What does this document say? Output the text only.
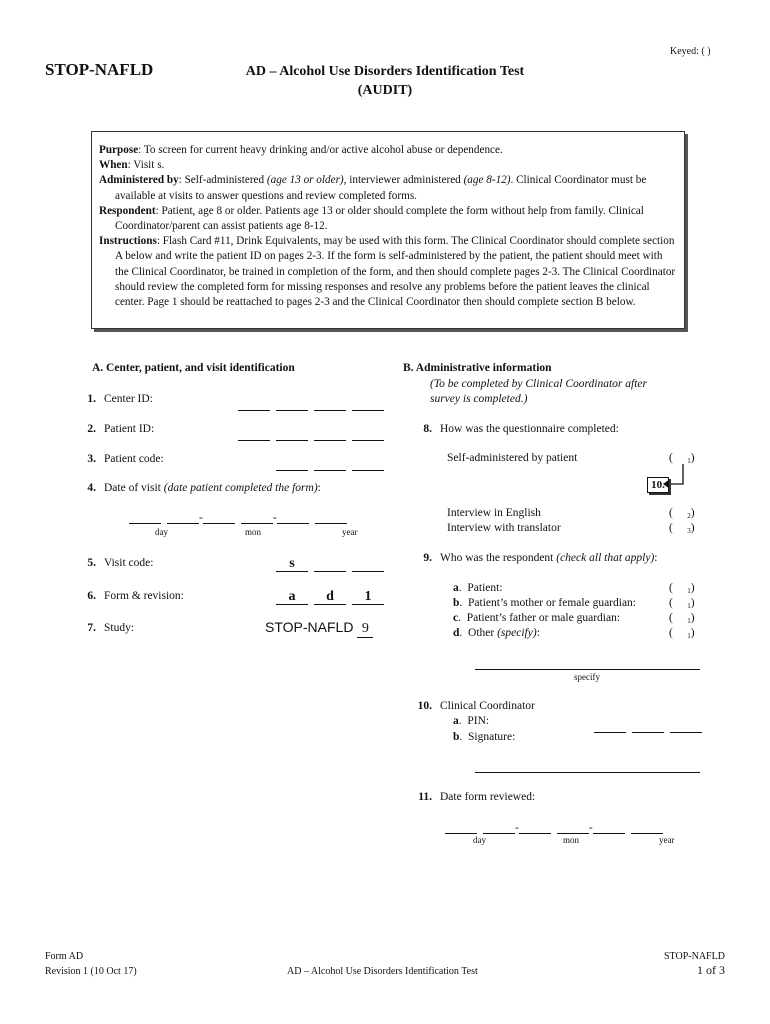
Keyed: ( )
STOP-NAFLD	AD – Alcohol Use Disorders Identification Test
(AUDIT)

Purpose: To screen for current heavy drinking and/or active alcohol abuse or dependence.

When: Visit s.

Administered by: Self-administered (age 13 or older), interviewer administered (age 8-12). Clinical Coordinator must be available at visits to answer questions and review completed forms.

Respondent: Patient, age 8 or older. Patients age 13 or older should complete the form without help from family. Clinical Coordinator/parent can assist patients age 8-12.

Instructions: Flash Card #11, Drink Equivalents, may be used with this form. The Clinical Coordinator should complete section A below and write the patient ID on pages 2-3. If the form is self-administered by the patient, the patient should meet with the Clinical Coordinator, be trained in completion of the form, and then should complete pages 2-3. The Clinical Coordinator should review the completed form for missing responses and resolve any problems before the patient leaves the clinical center. Page 1 should be reattached to pages 2-3 and the Clinical Coordinator then should complete section B below.

A. Center, patient, and visit identification
1. Center ID:
2. Patient ID:
3. Patient code:
4. Date of visit (date patient completed the form):
-	-
day	mon	year
5. Visit code:	s
6. Form & revision:	a d 1
7. Study:	STOP-NAFLD 9
B. Administrative information
(To be completed by Clinical Coordinator after
survey is completed.)
8. How was the questionnaire completed:
Self-administered by patient	(     $_1$)
10.
Interview in English	(     $_2$)
Interview with translator	(     $_3$)
9. Who was the respondent (check all that apply):
a.  Patient:	(     $_1$)
b.  Patient’s mother or female guardian:	(     $_1$)
c.  Patient’s father or male guardian:	(     $_1$)
d.  Other (specify):	(     $_1$)
specify
10. Clinical Coordinator
a.  PIN:
b.  Signature:
11. Date form reviewed:
-	-
day	mon	year
Form AD
Revision 1 (10 Oct 17)	AD – Alcohol Use Disorders Identification Test
STOP-NAFLD
1 of 3
